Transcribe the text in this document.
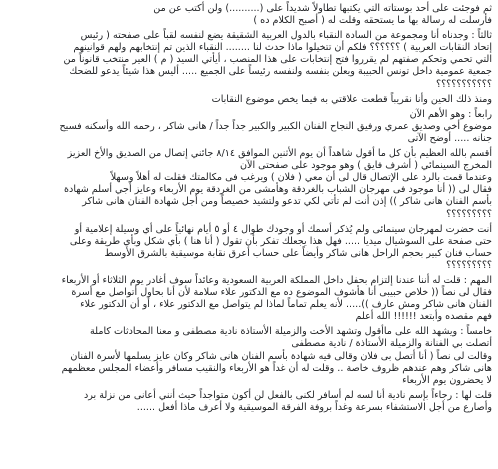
ثم فوجئت على أحد بوستاته التي يكتبها تطاولاً شديداً على (..........) ولن أكتب عن من

فأرسلت له رسالة بها ما يستحقه وقلت له ( أصبح الكلام ده )

ثالثاً : وجدناه أنا ومجموعة من السادة النقباء بالدول العربية الشقيقة يضع لنفسه لقباً على صفحته ( رئيس

إتحاد النقابات العربية ) ؟؟؟؟؟؟ فلكم أن تتخيلوا ماذا حدث لنا ........ النقباء الذين تم إنتخابهم ولهم قوانينهم

التي تحمي وتحكم صفتهم لم يقرروا فتح إنتخابات على هذا المنصب ، أيأتي السيد ( م ) العير منتخب قانوناً من

جمعية عمومية داخل تونس الحبيبة ويعلن بنفسه ولنفسه رئيساً على الجميع ..... أليس هذا شيئاً يدعو للضحك

؟؟؟؟؟؟؟؟؟؟؟

ومنذ ذلك الحين وأنا نقريباً قطعت علاقتي به فيما يخص موضوع النقابات

رابعاً : وهو الأهم الآن

موضوع أخي وصديق عمري ورفيق النجاح الفنان الكبير والكبير جداً جداً / هانى شاكر ، رحمه الله وأسكنه فسيح

جنانه ..... أوضح الآتى

أقسم بالله العظيم بأن كل ما أقول شاهداً أن يوم الأثنين الموافق ٨/١٤ جائني إتصال من الصديق والأخ العزيز

المخرج السينمائي ( أشرف فايق ) وهو موجود على صفحتى الآن

وعندما قمت بالرد على الإتصال قال لى أن معي ( فلان ) ويرغب فى مكالمتك فقلت له أهلاً وسهلاً

فقال لى (( أنا موجود فى مهرجان الشباب بالغردقة وهأمشى من الغردقة يوم الأربعاء وعايز أجي أسلم شهادة

بأسم الفنان هانى شاكر )) إذن أنت لم تأتي لكي تدعو ولتشيد خصيصاً ومن أجل شهادة الفنان هانى شاكر

؟؟؟؟؟؟؟؟؟

أنت حضرت لمهرجان سينمائى ولم يُذكر أسمك أو وجودك طوال ٤ أو ٥ أيام نهائياً على أي وسيلة إعلامية أو

حتى صفحة على السوشيال ميديا ..... فهل هذا يجعلك تفكر بأن تقول ( أنا هنا ) بأي شكل وبأي طريقة وعلى

حساب فنان كبير بحجم الراحل هانى شاكر وأيضاً على حساب أعرق نقابة موسيقية بالشرق الأوسط

؟؟؟؟؟؟؟؟؟

المهم : قلت له أننا عندنا إلتزام بحفل داخل المملكة العربية السعودية وعائداً سوف أغادر يوم الثلاثاء أو الأربعاء

فقال لى نصاً (( خلاص حبيبى أنا هأشوف الموضوع ده مع الدكتور علاء سلامة لأن أنا بحاول أتواصل مع أسرة

الفنان هانى شاكر ومش عارف ))..... لأنه يعلم تماماً لماذا لم يتواصل مع الدكتور علاء ، أو أن الدكتور علاء

فهم مقصده وأبتعد !!!!!! الله أعلم

خامساً : ويشهد الله على ماأقول وتشهد الأخت والزميلة الأستاذة نادية مصطفى و معنا المحادثات كاملة

أتصلت بي الفنانة والزميلة الأستاذة / نادية مصطفى

وقالت لى نصاً ( أنا أتصل بى فلان وقالى فيه شهادة بأسم الفنان هانى شاكر وكان عايز يسلمها لأسرة الفنان

هانى شاكر وهم عندهم ظروف خاصة .. وقلت له أن غداً هو الأربعاء والنقيب مسافر وأعضاء المجلس معظمهم

لا يحضرون يوم الأربعاء

قلت لها : رجاءاً بإسم نادية أنا لسه لم أسافر لكنى بالفعل لن أكون متواجداً حيث أنني أعانى من نزلة برد

وأصارع من أجل الاستشفاء بسرعة وغداً بروفة الفرقة الموسيقية ولا أعرف ماذا أفعل ......
